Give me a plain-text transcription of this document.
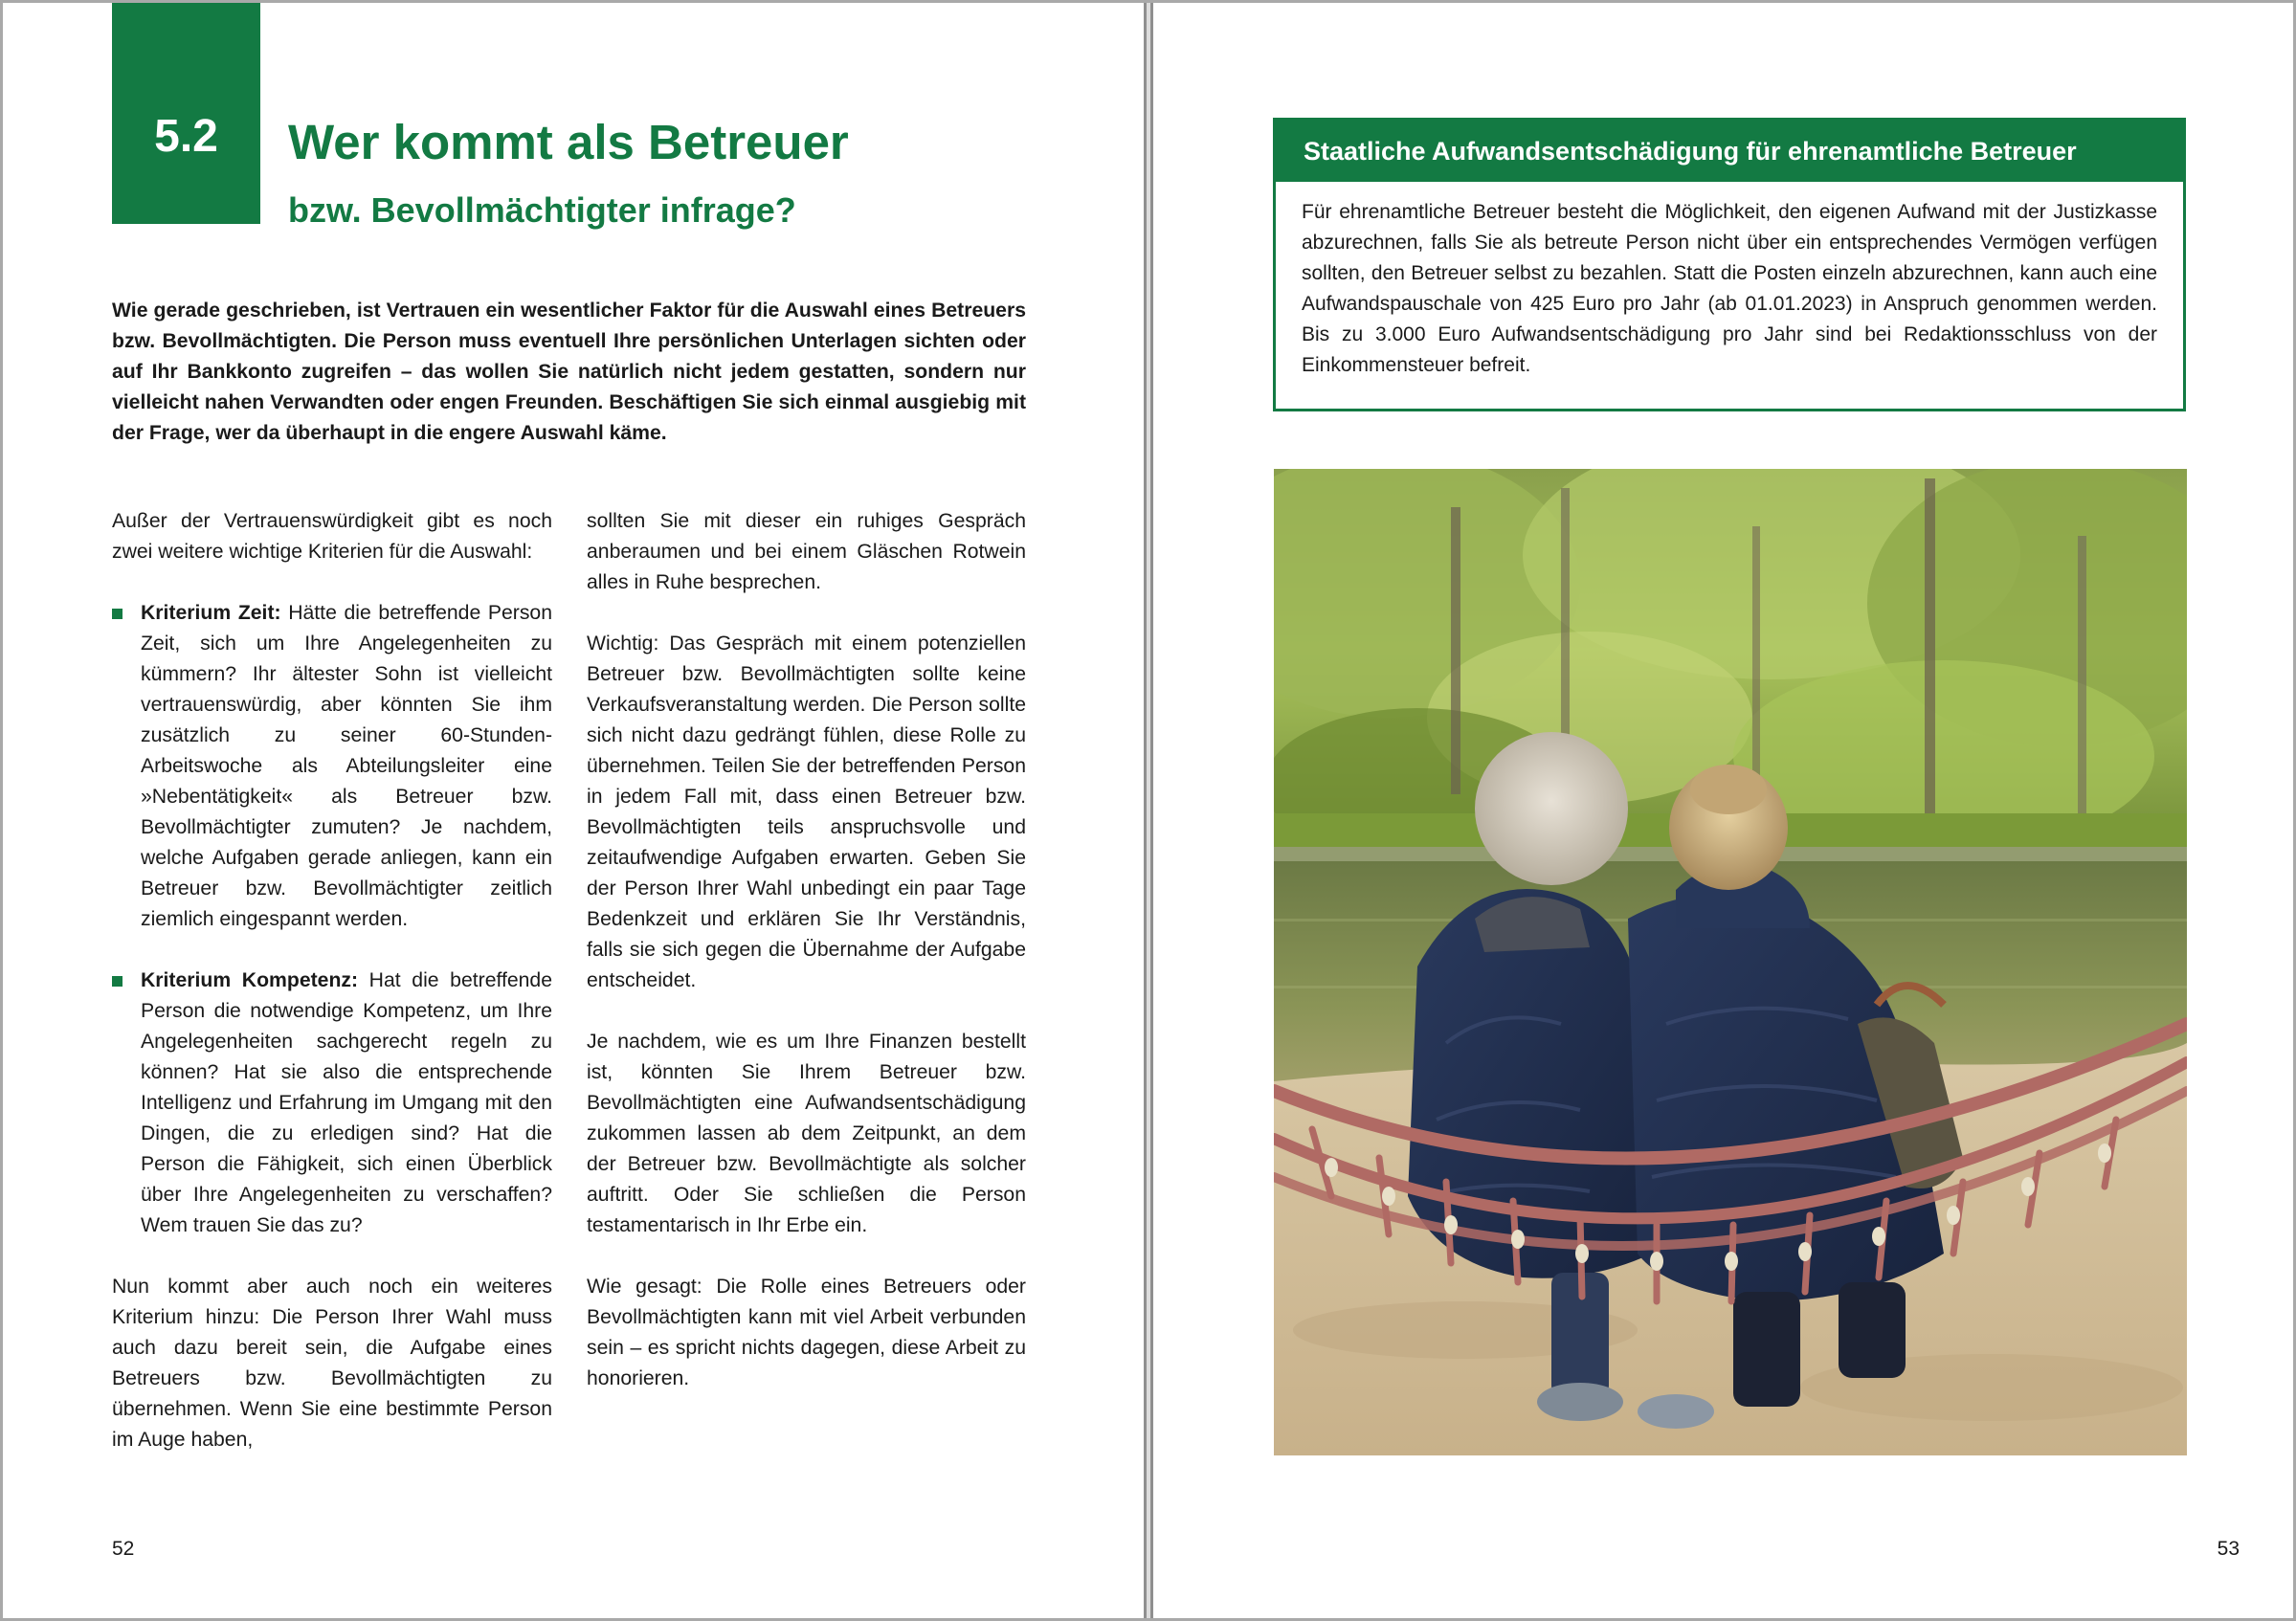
5.2	Wer kommt als Betreuer
bzw. Bevollmächtigter infrage?

Wie gerade geschrieben, ist Vertrauen ein wesentlicher Faktor für die Auswahl eines Betreuers bzw. Bevollmächtigten. Die Person muss eventuell Ihre persönlichen Unterlagen sichten oder auf Ihr Bankkonto zugreifen – das wollen Sie natürlich nicht jedem gestatten, sondern nur vielleicht nahen Verwandten oder engen Freunden. Beschäftigen Sie sich einmal ausgiebig mit der Frage, wer da überhaupt in die engere Auswahl käme.

Außer der Vertrauenswürdigkeit gibt es noch zwei weitere wichtige Kriterien für die Auswahl:

Kriterium Zeit: Hätte die betreffende Person Zeit, sich um Ihre Angelegenheiten zu kümmern? Ihr ältester Sohn ist vielleicht vertrauenswürdig, aber könnten Sie ihm zusätzlich zu seiner 60-Stunden-Arbeitswoche als Abteilungsleiter eine »Nebentätigkeit« als Betreuer bzw. Bevollmächtigter zumuten? Je nachdem, welche Aufgaben gerade anliegen, kann ein Betreuer bzw. Bevollmächtigter zeitlich ziemlich eingespannt werden.
Kriterium Kompetenz: Hat die betreffende Person die notwendige Kompetenz, um Ihre Angelegenheiten sachgerecht regeln zu können? Hat sie also die entsprechende Intelligenz und Erfahrung im Umgang mit den Dingen, die zu erledigen sind? Hat die Person die Fähigkeit, sich einen Überblick über Ihre Angelegenheiten zu verschaffen? Wem trauen Sie das zu?

Nun kommt aber auch noch ein weiteres Kriterium hinzu: Die Person Ihrer Wahl muss auch dazu bereit sein, die Aufgabe eines Betreuers bzw. Bevollmächtigten zu übernehmen. Wenn Sie eine bestimmte Person im Auge haben,

sollten Sie mit dieser ein ruhiges Gespräch anberaumen und bei einem Gläschen Rotwein alles in Ruhe besprechen.

Wichtig: Das Gespräch mit einem potenziellen Betreuer bzw. Bevollmächtigten sollte keine Verkaufsveranstaltung werden. Die Person sollte sich nicht dazu gedrängt fühlen, diese Rolle zu übernehmen. Teilen Sie der betreffenden Person in jedem Fall mit, dass einen Betreuer bzw. Bevollmächtigten teils anspruchsvolle und zeitaufwendige Aufgaben erwarten. Geben Sie der Person Ihrer Wahl unbedingt ein paar Tage Bedenkzeit und erklären Sie Ihr Verständnis, falls sie sich gegen die Übernahme der Aufgabe entscheidet.

Je nachdem, wie es um Ihre Finanzen bestellt ist, könnten Sie Ihrem Betreuer bzw. Bevollmächtigten eine Aufwandsentschädigung zukommen lassen ab dem Zeitpunkt, an dem der Betreuer bzw. Bevollmächtigte als solcher auftritt. Oder Sie schließen die Person testamentarisch in Ihr Erbe ein.

Wie gesagt: Die Rolle eines Betreuers oder Bevollmächtigten kann mit viel Arbeit verbunden sein – es spricht nichts dagegen, diese Arbeit zu honorieren.

52
Staatliche Aufwandsentschädigung für ehrenamtliche Betreuer
Für ehrenamtliche Betreuer besteht die Möglichkeit, den eigenen Aufwand mit der Justizkasse abzurechnen, falls Sie als betreute Person nicht über ein entsprechendes Vermögen verfügen sollten, den Betreuer selbst zu bezahlen. Statt die Posten einzeln abzurechnen, kann auch eine Aufwandspauschale von 425 Euro pro Jahr (ab 01.01.2023) in Anspruch genommen werden. Bis zu 3.000 Euro Aufwandsentschädigung pro Jahr sind bei Redaktionsschluss von der Einkommensteuer befreit.
53
